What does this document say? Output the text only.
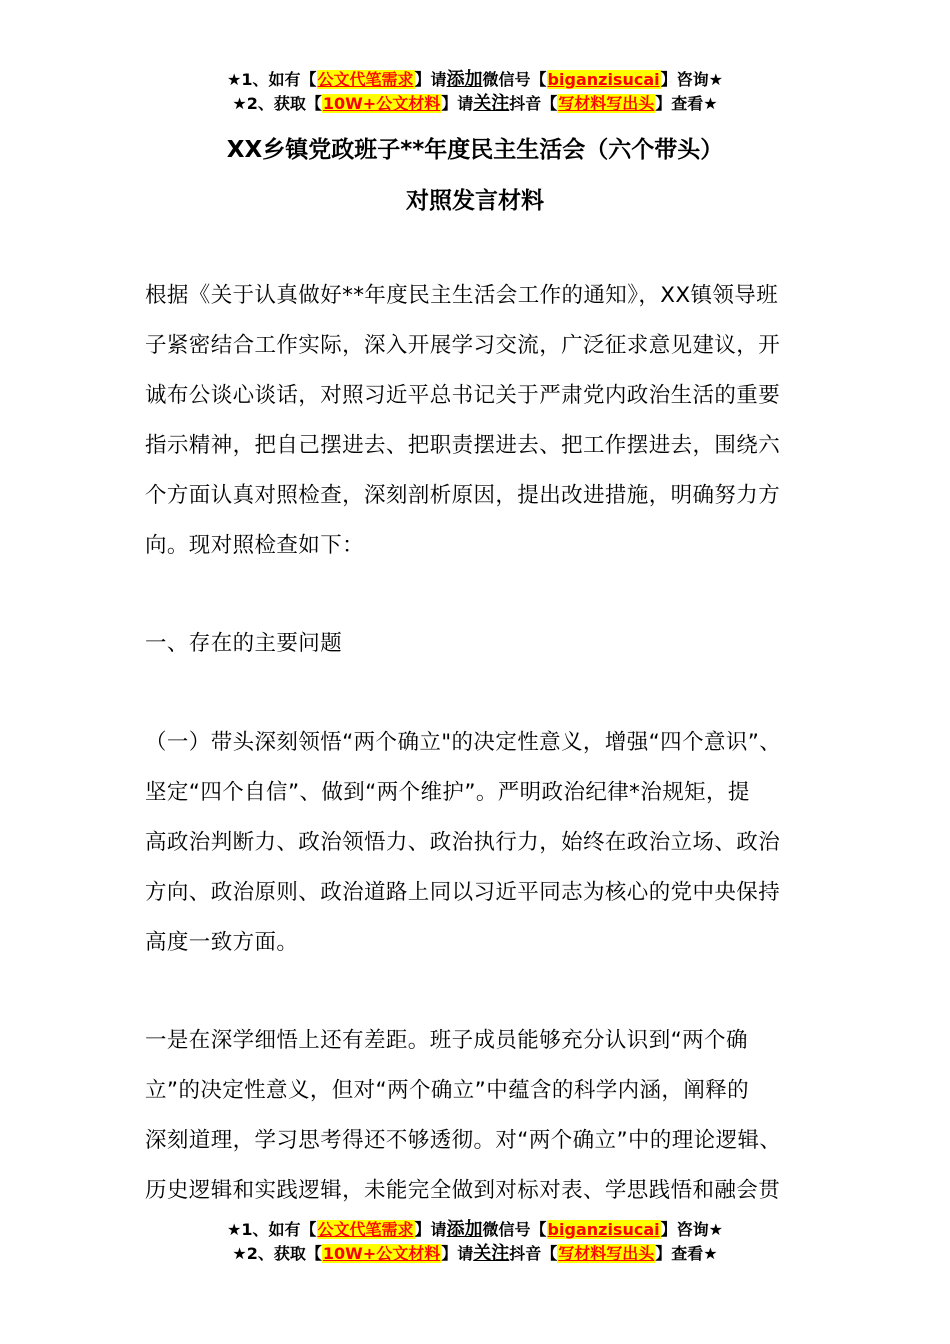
★1、如有【公文代笔需求】请添加微信号【biganzisucai】咨询★
★2、获取【10W+公文材料】请关注抖音【写材料写出头】查看★
XX乡镇党政班子**年度民主生活会（六个带头）
对照发言材料
根据《关于认真做好**年度民主生活会工作的通知》，XX镇领导班
子紧密结合工作实际，深入开展学习交流，广泛征求意见建议，开
诚布公谈心谈话，对照习近平总书记关于严肃党内政治生活的重要
指示精神，把自己摆进去、把职责摆进去、把工作摆进去，围绕六
个方面认真对照检查，深刻剖析原因，提出改进措施，明确努力方
向。现对照检查如下：
一、存在的主要问题
（一）带头深刻领悟“两个确立"的决定性意义，增强“四个意识”、
坚定“四个自信”、做到“两个维护”。严明政治纪律*治规矩，提
高政治判断力、政治领悟力、政治执行力，始终在政治立场、政治
方向、政治原则、政治道路上同以习近平同志为核心的党中央保持
高度一致方面。
一是在深学细悟上还有差距。班子成员能够充分认识到“两个确
立”的决定性意义，但对“两个确立”中蕴含的科学内涵，阐释的
深刻道理，学习思考得还不够透彻。对“两个确立”中的理论逻辑、
历史逻辑和实践逻辑，未能完全做到对标对表、学思践悟和融会贯
★1、如有【公文代笔需求】请添加微信号【biganzisucai】咨询★
★2、获取【10W+公文材料】请关注抖音【写材料写出头】查看★
